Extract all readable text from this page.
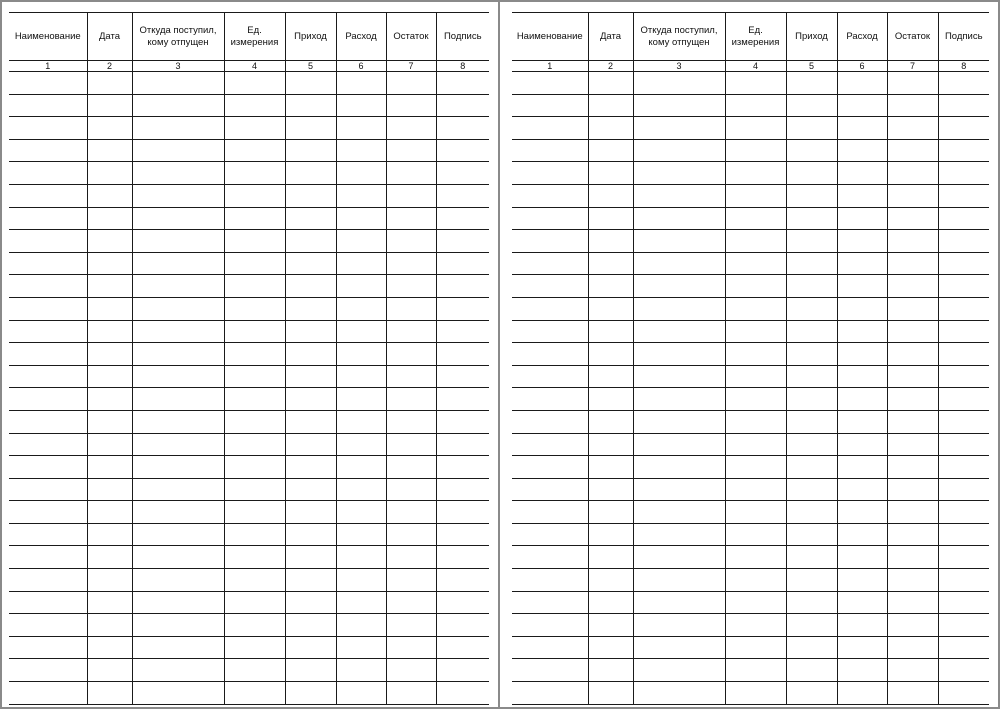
Наименование	Дата	Откуда поступил, кому отпущен	Ед. измерения	Приход	Расход	Остаток	Подпись

1	2	3	4	5	6	7	8

Наименование	Дата	Откуда поступил, кому отпущен	Ед. измерения	Приход	Расход	Остаток	Подпись

1	2	3	4	5	6	7	8
